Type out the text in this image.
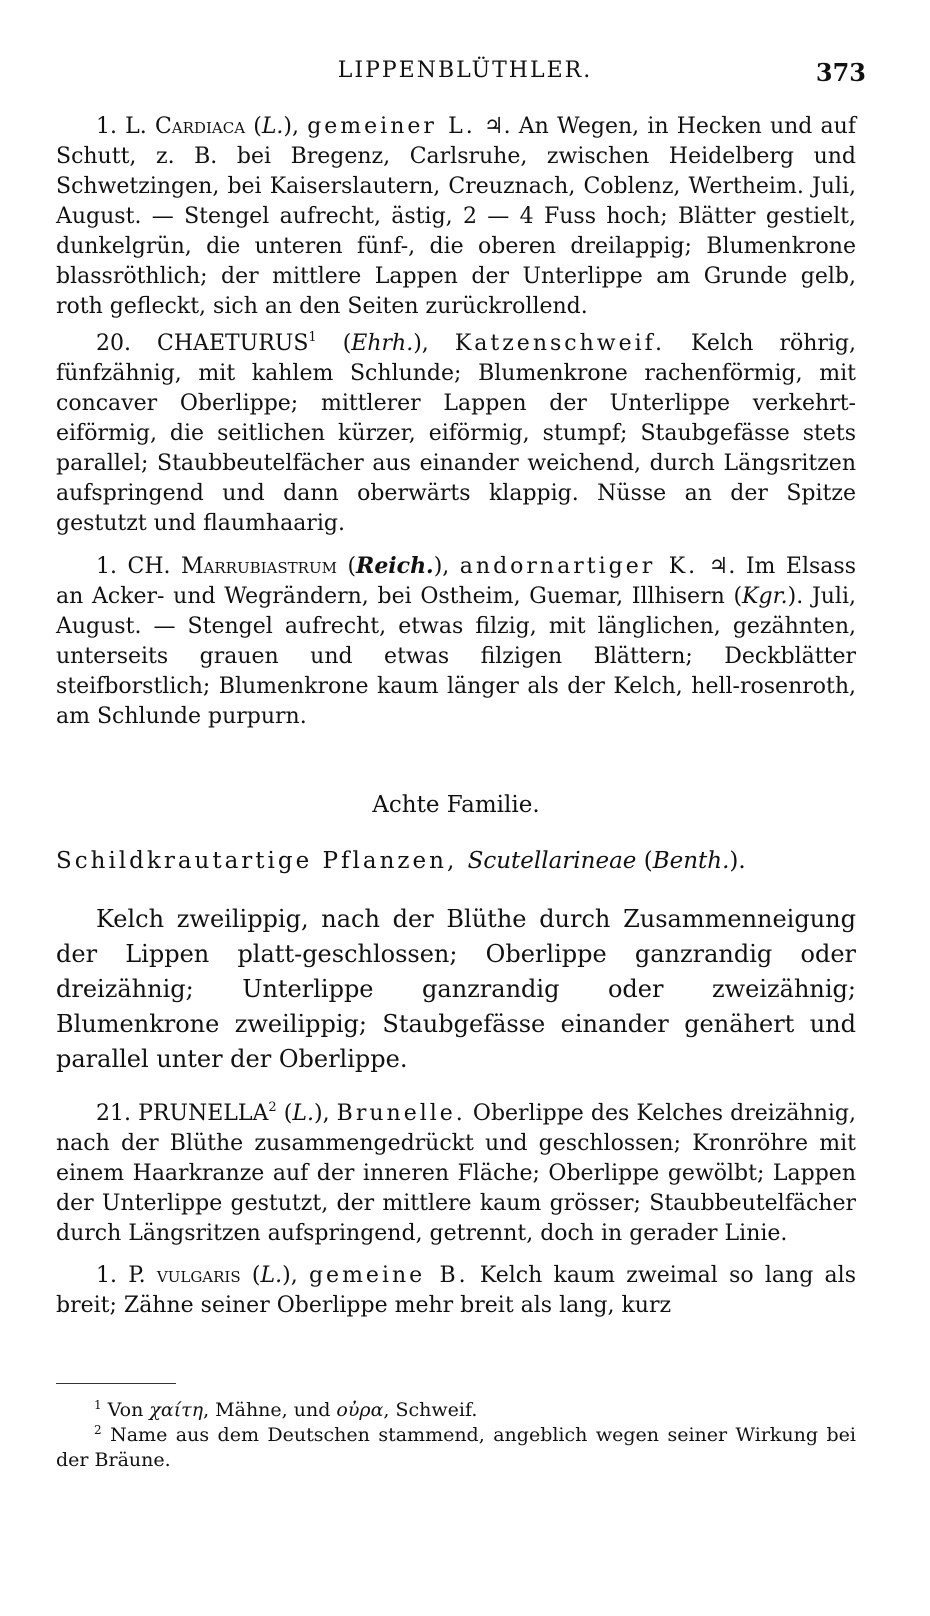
LIPPENBLÜTHLER.	373

1. L. Cardiaca (L.), gemeiner L. ♃. An Wegen, in Hecken und auf Schutt, z. B. bei Bregenz, Carlsruhe, zwischen Heidelberg und Schwetzingen, bei Kaiserslautern, Creuznach, Coblenz, Wertheim. Juli, August. — Stengel aufrecht, ästig, 2 — 4 Fuss hoch; Blätter gestielt, dunkelgrün, die unteren fünf-, die oberen dreilappig; Blumenkrone blassröthlich; der mittlere Lappen der Unterlippe am Grunde gelb, roth gefleckt, sich an den Seiten zurückrollend.

20. CHAETURUS$^1$ (Ehrh.), Katzenschweif. Kelch röhrig, fünfzähnig, mit kahlem Schlunde; Blumenkrone rachenförmig, mit concaver Oberlippe; mittlerer Lappen der Unterlippe verkehrt-eiförmig, die seitlichen kürzer, eiförmig, stumpf; Staubgefässe stets parallel; Staubbeutelfächer aus einander weichend, durch Längsritzen aufspringend und dann oberwärts klappig. Nüsse an der Spitze gestutzt und flaumhaarig.

1. CH. Marrubiastrum (Reich.), andornartiger K. ♃. Im Elsass an Acker- und Wegrändern, bei Ostheim, Guemar, Illhisern (Kgr.). Juli, August. — Stengel aufrecht, etwas filzig, mit länglichen, gezähnten, unterseits grauen und etwas filzigen Blättern; Deckblätter steifborstlich; Blumenkrone kaum länger als der Kelch, hell-rosenroth, am Schlunde purpurn.

Achte Familie.

Schildkrautartige Pflanzen, Scutellarineae (Benth.).

Kelch zweilippig, nach der Blüthe durch Zusammenneigung der Lippen platt-geschlossen; Oberlippe ganzrandig oder dreizähnig; Unterlippe ganzrandig oder zweizähnig; Blumenkrone zweilippig; Staubgefässe einander genähert und parallel unter der Oberlippe.

21. PRUNELLA$^2$ (L.), Brunelle. Oberlippe des Kelches dreizähnig, nach der Blüthe zusammengedrückt und geschlossen; Kronröhre mit einem Haarkranze auf der inneren Fläche; Oberlippe gewölbt; Lappen der Unterlippe gestutzt, der mittlere kaum grösser; Staubbeutelfächer durch Längsritzen aufspringend, getrennt, doch in gerader Linie.

1. P. vulgaris (L.), gemeine B. Kelch kaum zweimal so lang als breit; Zähne seiner Oberlippe mehr breit als lang, kurz

$^1$ Von χαίτη, Mähne, und οὐρα, Schweif.

$^2$ Name aus dem Deutschen stammend, angeblich wegen seiner Wirkung bei der Bräune.
